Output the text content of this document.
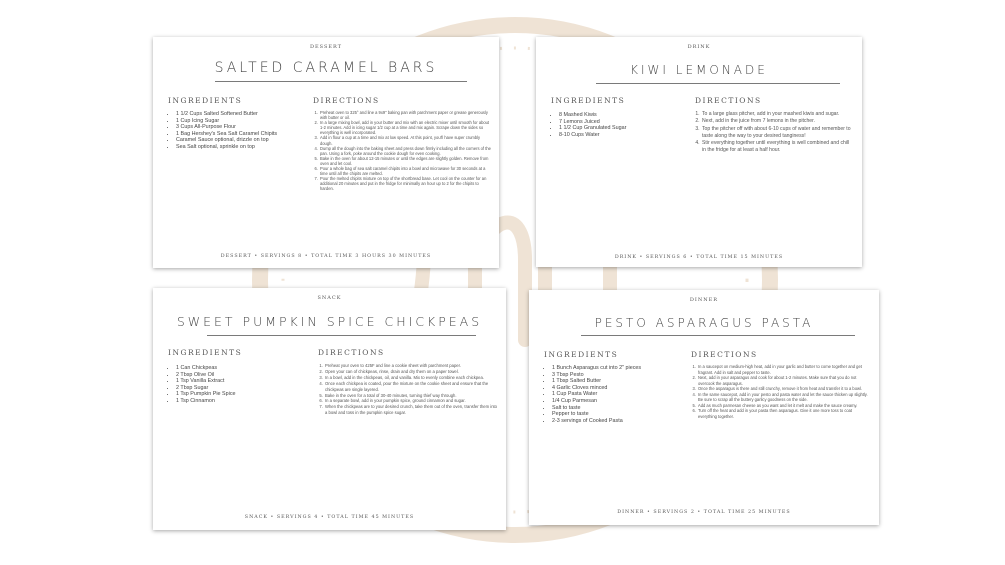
DESSERT
SALTED CARAMEL BARS
INGREDIENTS	DIRECTIONS
• 1 1/2 Cups Salted Softened Butter
• 1 Cup Icing Sugar
• 3 Cups All-Purpose Flour
• 1 Bag Hershey's Sea Salt Caramel Chipits
• Caramel Sauce optional, drizzle on top
• Sea Salt optional, sprinkle on top
1. Preheat oven to 325° and line a 9x9" baking pan with parchment paper or grease generously with butter or oil.
2. In a large mixing bowl, add in your butter and mix with an electric mixer until smooth for about 1-2 minutes. Add in icing sugar 1/2 cup at a time and mix again. Scrape down the sides so everything is well incorporated.
3. Add in flour a cup at a time and mix at low speed. At this point, you'll have super crumbly dough.
4. Dump all the dough into the baking sheet and press down firmly including all the corners of the pan. Using a fork, poke around the cookie dough for even cooking.
5. Bake in the oven for about 12-15 minutes or until the edges are slightly golden. Remove from oven and let cool.
6. Pour a whole bag of sea salt caramel chipits into a bowl and microwave for 30 seconds at a time until all the chipits are melted.
7. Pour the melted chipits mixture on top of the shortbread base. Let cool on the counter for an additional 20 minutes and put in the fridge for minimally an hour up to 2 for the chipits to harden.
DESSERT • SERVINGS 8 • TOTAL TIME 3 HOURS 30 MINUTES
DRINK
KIWI LEMONADE
INGREDIENTS	DIRECTIONS
• 8 Mashed Kiwis
• 7 Lemons Juiced
• 1 1/2 Cup Granulated Sugar
• 8-10 Cups Water
1. To a large glass pitcher, add in your mashed kiwis and sugar.
2. Next, add in the juice from 7 lemons in the pitcher.
3. Top the pitcher off with about 6-10 cups of water and remember to taste along the way to your desired tanginess!
4. Stir everything together until everything is well combined and chill in the fridge for at least a half hour.
DRINK • SERVINGS 6 • TOTAL TIME 15 MINUTES
SNACK
SWEET PUMPKIN SPICE CHICKPEAS
INGREDIENTS	DIRECTIONS
• 1 Can Chickpeas
• 2 Tbsp Olive Oil
• 1 Tsp Vanilla Extract
• 2 Tbsp Sugar
• 1 Tsp Pumpkin Pie Spice
• 1 Tsp Cinnamon
1. Preheat your oven to 425F and line a cookie sheet with parchment paper.
2. Open your can of chickpeas, rinse, drain and dry them on a paper towel.
3. In a bowl, add in the chickpeas, oil, and vanilla. Mix to evenly combine each chickpea.
4. Once each chickpea is coated, pour the mixture on the cookie sheet and ensure that the chickpeas are single layered.
5. Bake in the oven for a total of 30-40 minutes, turning thief way through.
6. In a separate bowl, add in your pumpkin spice, ground cinnamon and sugar.
7. When the chickpeas are to your desired crunch, take them out of the oven, transfer them into a bowl and toss in the pumpkin spice sugar.
SNACK • SERVINGS 4 • TOTAL TIME 45 MINUTES
DINNER
PESTO ASPARAGUS PASTA
INGREDIENTS	DIRECTIONS
• 1 Bunch Asparagus cut into 2" pieces
• 3 Tbsp Pesto
• 1 Tbsp Salted Butter
• 4 Garlic Cloves minced
• 1 Cup Pasta Water
• 1/4 Cup Parmesan
• Salt to taste
• Pepper to taste
• 2-3 servings of Cooked Pasta
1. In a saucepot on medium-high heat, add in your garlic and butter to come together and get fragrant. Add in salt and pepper to taste.
2. Next, add in your asparagus and cook for about 1-2 minutes. Make sure that you do not overcook the asparagus.
3. Once the asparagus is there and still crunchy, remove it from heat and transfer it to a bowl.
4. In the same saucepot, add in your pesto and pasta water and let the sauce thicken up slightly. Be sure to scrap all the buttery garlicy goodness on the side.
5. Add as much parmesan cheese as you want and let it melt and make the sauce creamy.
6. Turn off the heat and add in your pasta then asparagus. Give it one more toss to coat everything together.
DINNER • SERVINGS 2 • TOTAL TIME 25 MINUTES
